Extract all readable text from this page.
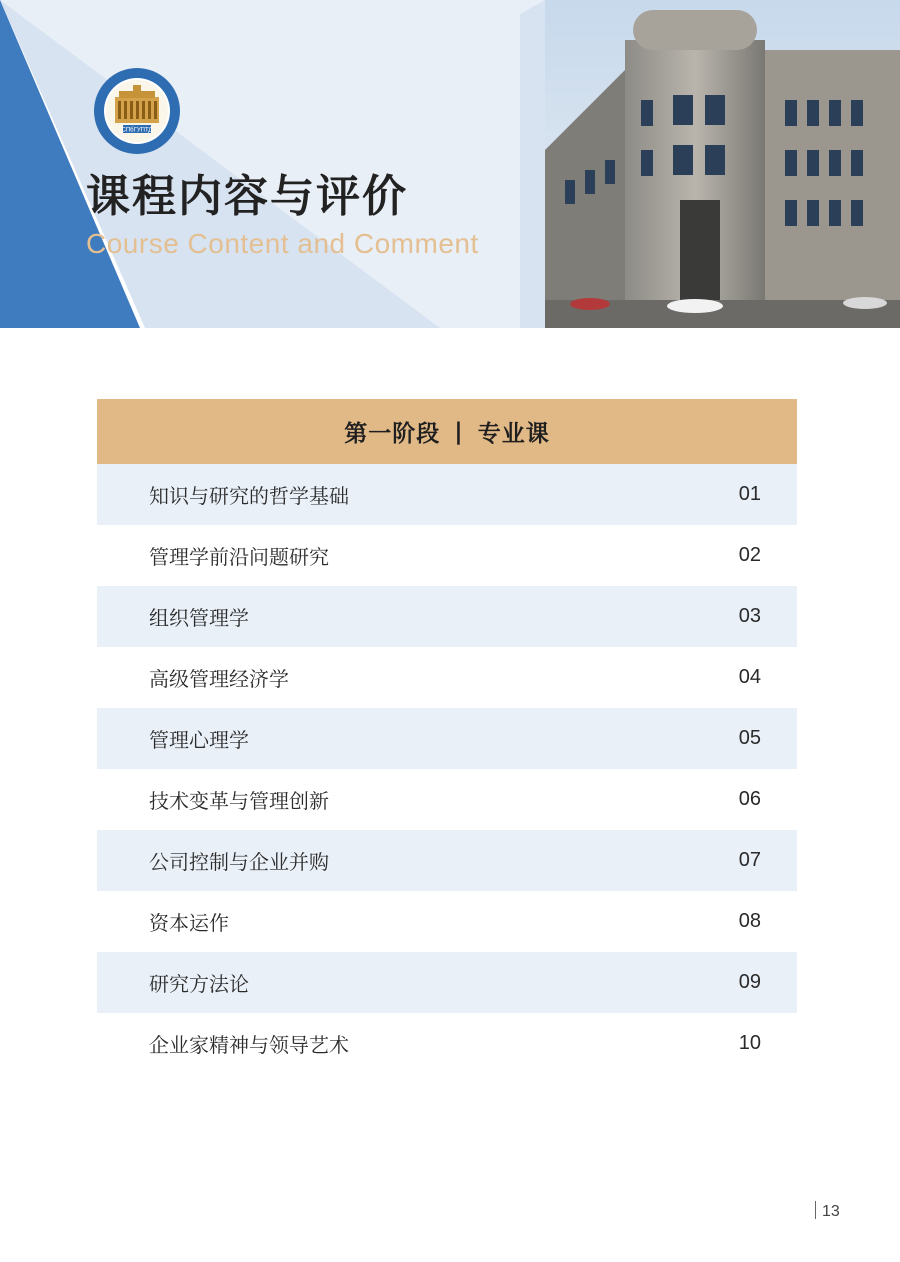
СПбГУПТД
课程内容与评价
Course Content and Comment
第一阶段 | 专业课
知识与研究的哲学基础	01
管理学前沿问题研究	02
组织管理学	03
高级管理经济学	04
管理心理学	05
技术变革与管理创新	06
公司控制与企业并购	07
资本运作	08
研究方法论	09
企业家精神与领导艺术	10
13
